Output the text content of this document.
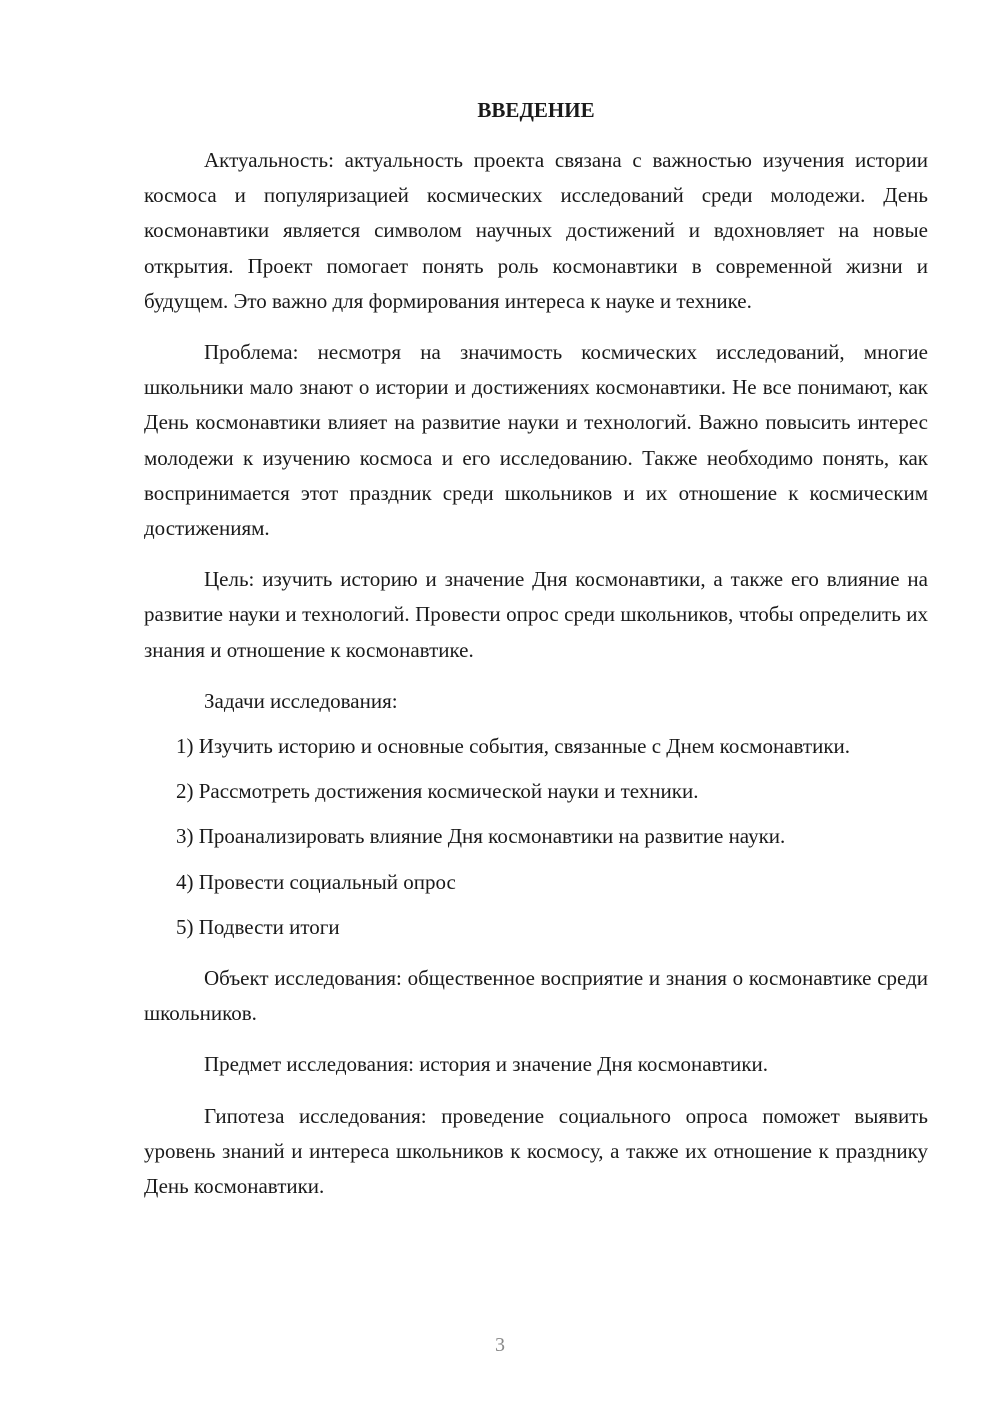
ВВЕДЕНИЕ

Актуальность: актуальность проекта связана с важностью изучения истории космоса и популяризацией космических исследований среди молодежи. День космонавтики является символом научных достижений и вдохновляет на новые открытия. Проект помогает понять роль космонавтики в современной жизни и будущем. Это важно для формирования интереса к науке и технике.

Проблема: несмотря на значимость космических исследований, многие школьники мало знают о истории и достижениях космонавтики. Не все понимают, как День космонавтики влияет на развитие науки и технологий. Важно повысить интерес молодежи к изучению космоса и его исследованию. Также необходимо понять, как воспринимается этот праздник среди школьников и их отношение к космическим достижениям.

Цель: изучить историю и значение Дня космонавтики, а также его влияние на развитие науки и технологий. Провести опрос среди школьников, чтобы определить их знания и отношение к космонавтике.

Задачи исследования:

1) Изучить историю и основные события, связанные с Днем космонавтики.

2) Рассмотреть достижения космической науки и техники.

3) Проанализировать влияние Дня космонавтики на развитие науки.

4) Провести социальный опрос

5) Подвести итоги

Объект исследования: общественное восприятие и знания о космонавтике среди школьников.

Предмет исследования: история и значение Дня космонавтики.

Гипотеза исследования: проведение социального опроса поможет выявить уровень знаний и интереса школьников к космосу, а также их отношение к празднику День космонавтики.

3
